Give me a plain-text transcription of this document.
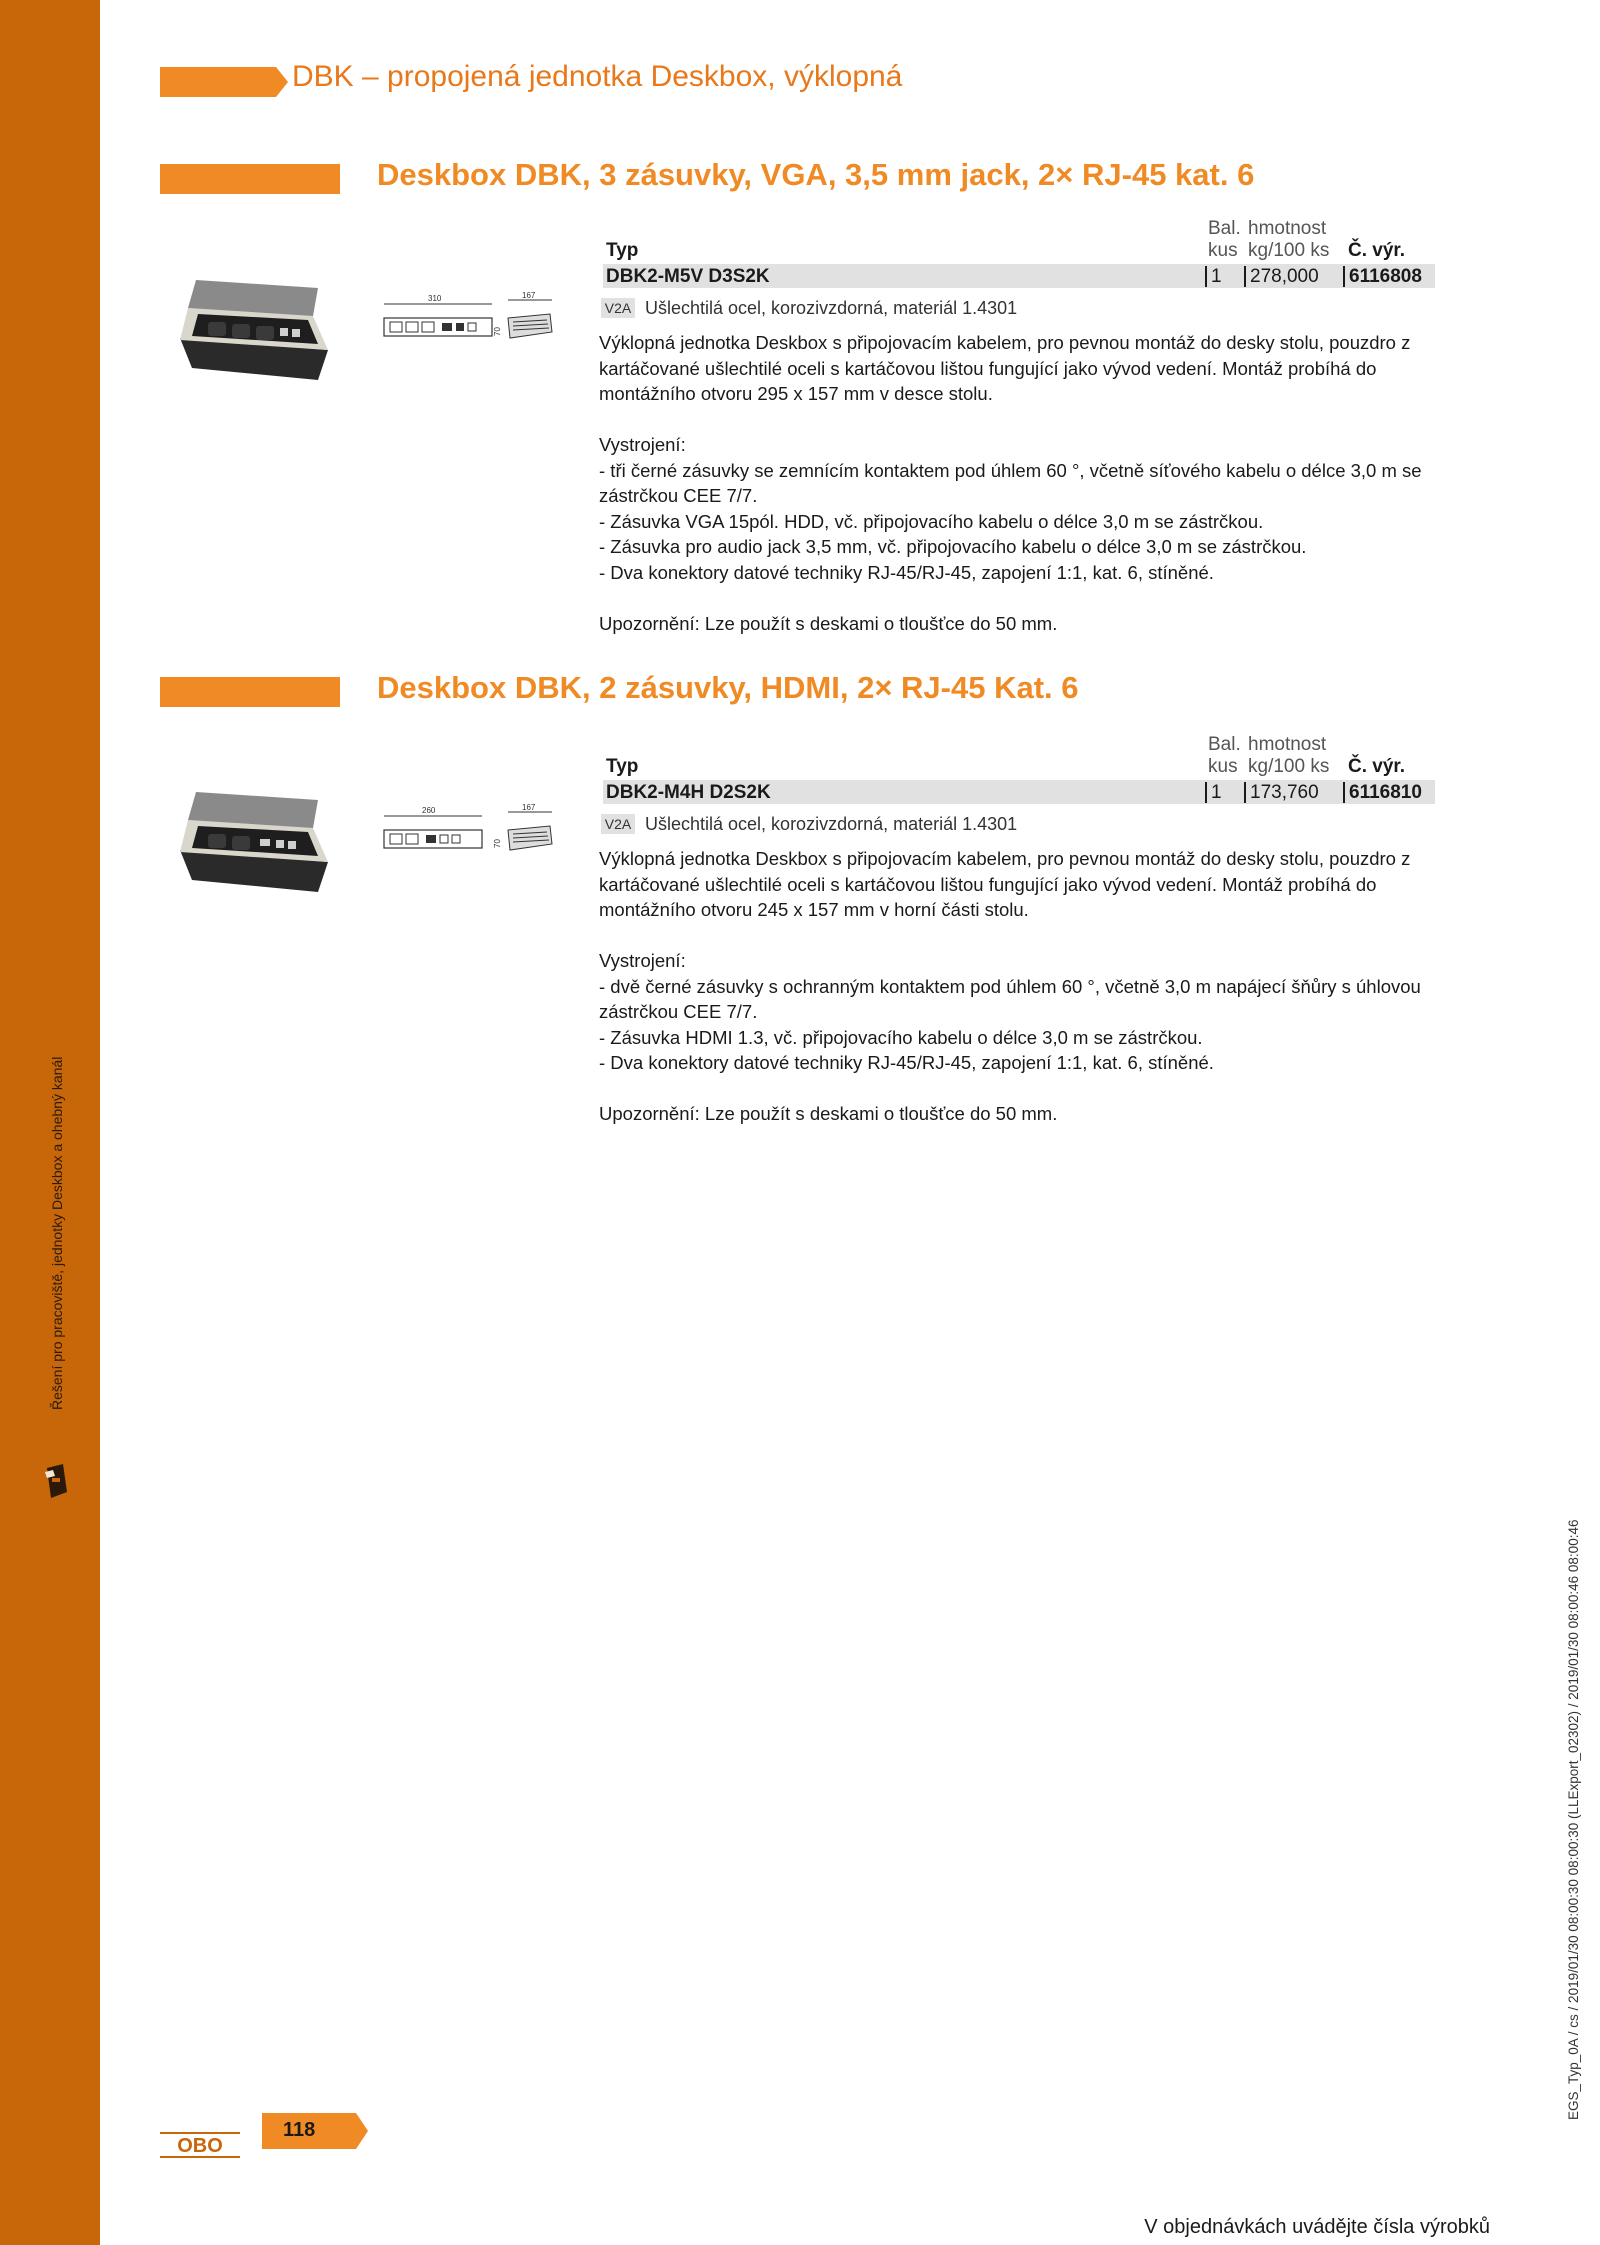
Řešení pro pracoviště, jednotky Deskbox a ohebný kanál
DBK – propojená jednotka Deskbox, výklopná
Deskbox DBK, 3 zásuvky, VGA, 3,5 mm jack, 2× RJ-45 kat. 6
310	167
70
Bal. hmotnost
Typ	kus kg/100 ks Č. výr.
DBK2-M5V D3S2K	1 278,000 6116808
V2A Ušlechtilá ocel, korozivzdorná, materiál 1.4301

Výklopná jednotka Deskbox s připojovacím kabelem, pro pevnou montáž do desky stolu, pouzdro z kartáčované ušlechtilé oceli s kartáčovou lištou fungující jako vývod vedení. Montáž probíhá do montážního otvoru 295 x 157 mm v desce stolu.

Vystrojení:

- tři černé zásuvky se zemnícím kontaktem pod úhlem 60 °, včetně síťového kabelu o délce 3,0 m se zástrčkou CEE 7/7.

- Zásuvka VGA 15pól. HDD, vč. připojovacího kabelu o délce 3,0 m se zástrčkou.

- Zásuvka pro audio jack 3,5 mm, vč. připojovacího kabelu o délce 3,0 m se zástrčkou.

- Dva konektory datové techniky RJ-45/RJ-45, zapojení 1:1, kat. 6, stíněné.

Upozornění: Lze použít s deskami o tloušťce do 50 mm.

Deskbox DBK, 2 zásuvky, HDMI, 2× RJ-45 Kat. 6
260	167
70
Bal. hmotnost
Typ	kus kg/100 ks Č. výr.
DBK2-M4H D2S2K	1 173,760 6116810
V2A Ušlechtilá ocel, korozivzdorná, materiál 1.4301

Výklopná jednotka Deskbox s připojovacím kabelem, pro pevnou montáž do desky stolu, pouzdro z kartáčované ušlechtilé oceli s kartáčovou lištou fungující jako vývod vedení. Montáž probíhá do montážního otvoru 245 x 157 mm v horní části stolu.

Vystrojení:

- dvě černé zásuvky s ochranným kontaktem pod úhlem 60 °, včetně 3,0 m napájecí šňůry s úhlovou zástrčkou CEE 7/7.

- Zásuvka HDMI 1.3, vč. připojovacího kabelu o délce 3,0 m se zástrčkou.

- Dva konektory datové techniky RJ-45/RJ-45, zapojení 1:1, kat. 6, stíněné.

Upozornění: Lze použít s deskami o tloušťce do 50 mm.

OBO
118
V objednávkách uvádějte čísla výrobků
EGS_Typ_0A / cs / 2019/01/30 08:00:30 08:00:30 (LLExport_02302) / 2019/01/30 08:00:46 08:00:46
